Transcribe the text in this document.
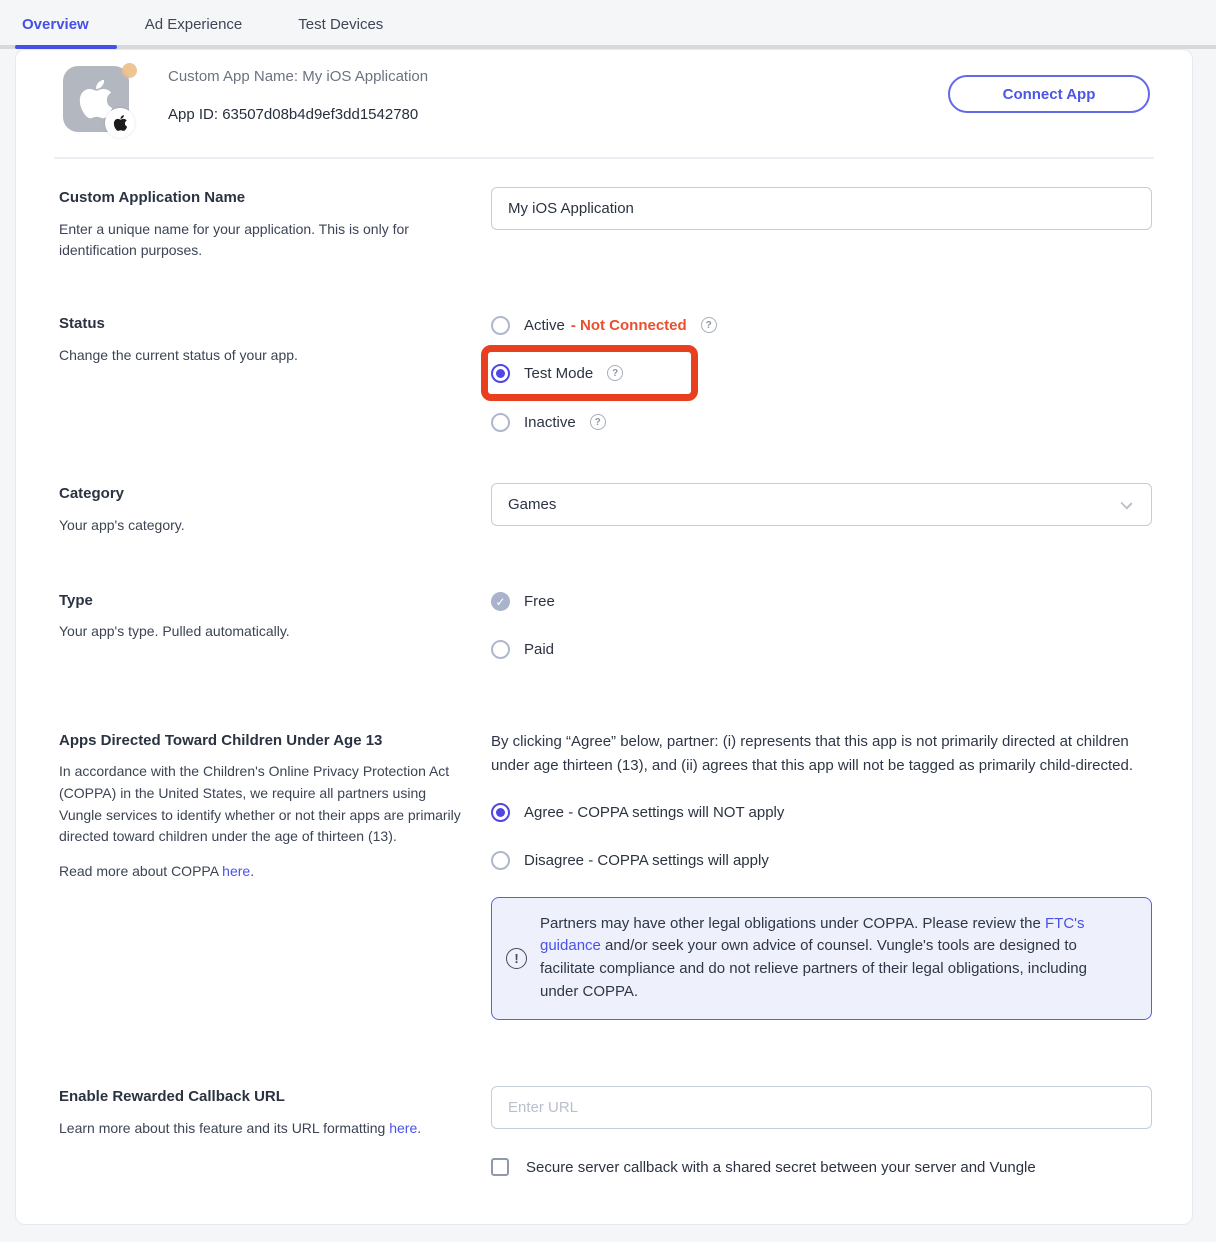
Overview	Ad Experience	Test Devices
Custom App Name: My iOS Application
App ID: 63507d08b4d9ef3dd1542780
Connect App
Custom Application Name
Enter a unique name for your application. This is only for identification purposes.
My iOS Application
Status
Change the current status of your app.
Active - Not Connected	?
Test Mode	?
Inactive	?
Category
Your app's category.
Games
Type
Your app's type. Pulled automatically.
✓ Free
Paid
Apps Directed Toward Children Under Age 13
In accordance with the Children's Online Privacy Protection Act (COPPA) in the United States, we require all partners using Vungle services to identify whether or not their apps are primarily directed toward children under the age of thirteen (13).
Read more about COPPA here.
By clicking “Agree” below, partner: (i) represents that this app is not primarily directed at children under age thirteen (13), and (ii) agrees that this app will not be tagged as primarily child-directed.
Agree - COPPA settings will NOT apply
Disagree - COPPA settings will apply
!
Partners may have other legal obligations under COPPA. Please review the FTC's guidance and/or seek your own advice of counsel. Vungle's tools are designed to facilitate compliance and do not relieve partners of their legal obligations, including under COPPA.
Enable Rewarded Callback URL
Learn more about this feature and its URL formatting here.
Enter URL
Secure server callback with a shared secret between your server and Vungle
